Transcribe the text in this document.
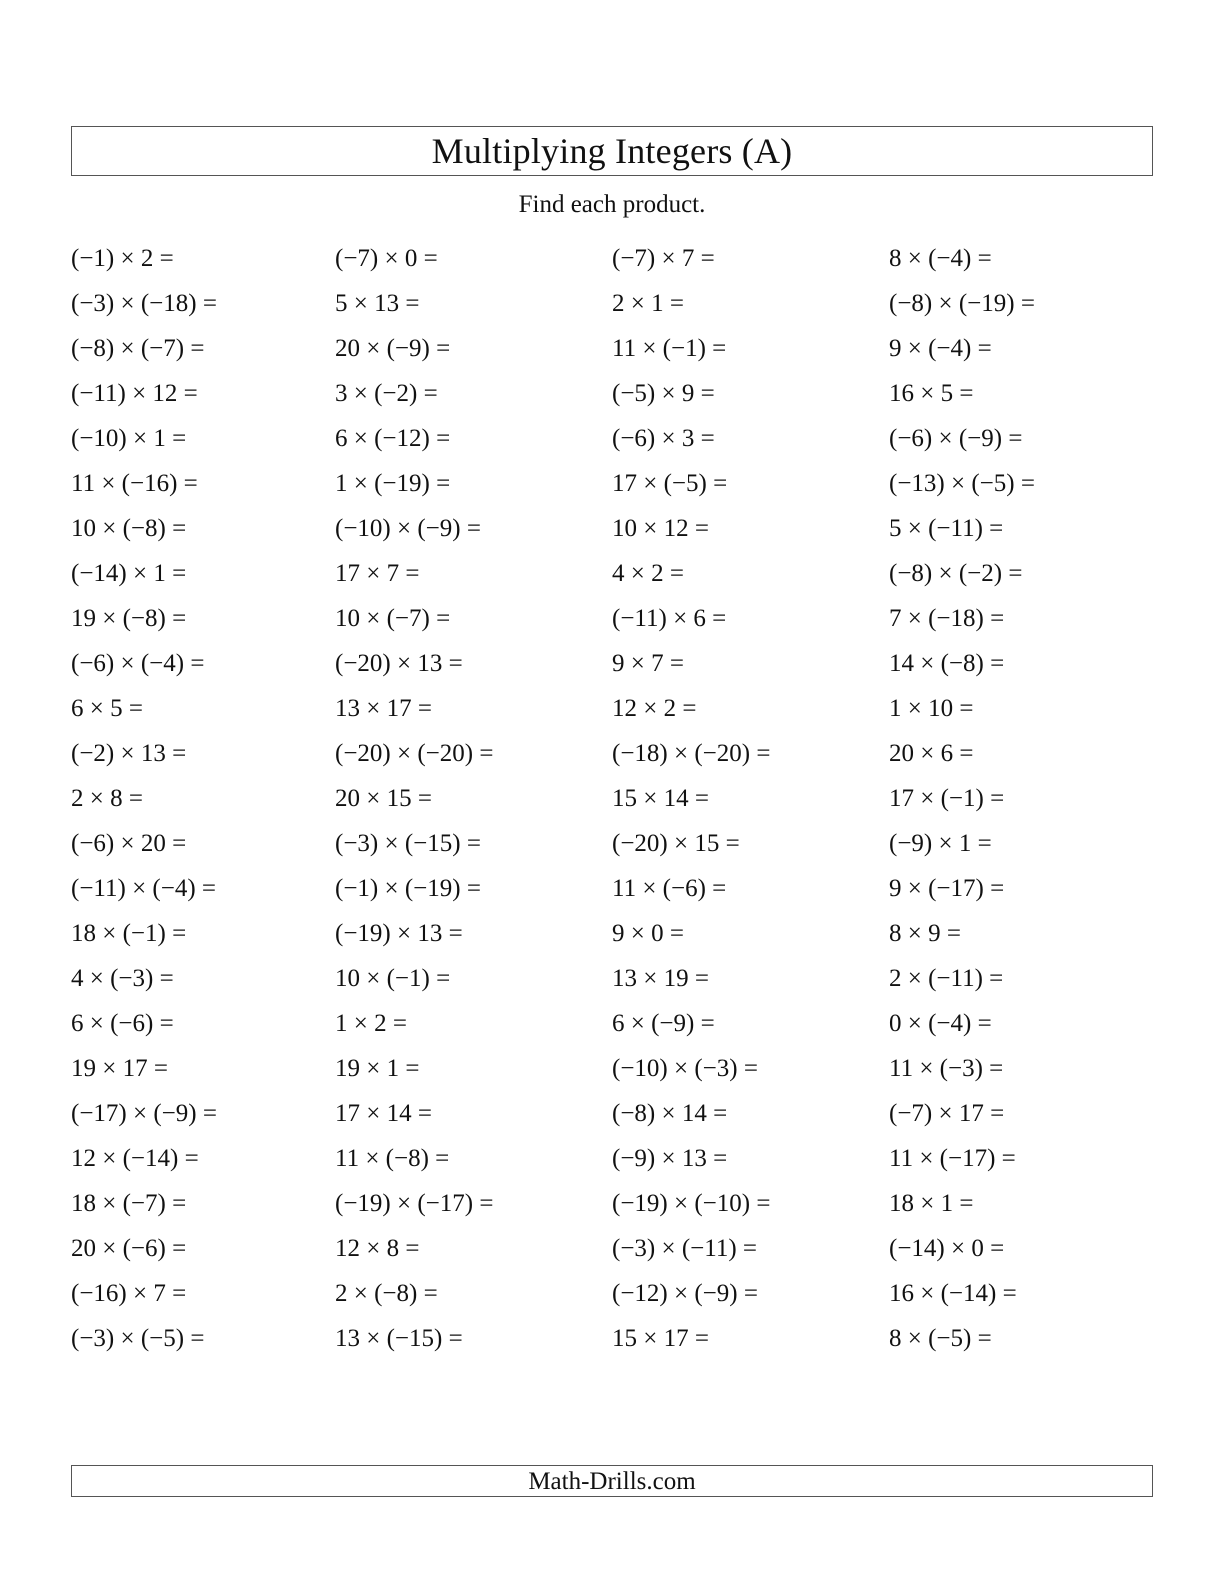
Multiplying Integers (A)
Find each product.
(−1) × 2 =
(−3) × (−18) =
(−8) × (−7) =
(−11) × 12 =
(−10) × 1 =
11 × (−16) =
10 × (−8) =
(−14) × 1 =
19 × (−8) =
(−6) × (−4) =
6 × 5 =
(−2) × 13 =
2 × 8 =
(−6) × 20 =
(−11) × (−4) =
18 × (−1) =
4 × (−3) =
6 × (−6) =
19 × 17 =
(−17) × (−9) =
12 × (−14) =
18 × (−7) =
20 × (−6) =
(−16) × 7 =
(−3) × (−5) =
(−7) × 0 =
5 × 13 =
20 × (−9) =
3 × (−2) =
6 × (−12) =
1 × (−19) =
(−10) × (−9) =
17 × 7 =
10 × (−7) =
(−20) × 13 =
13 × 17 =
(−20) × (−20) =
20 × 15 =
(−3) × (−15) =
(−1) × (−19) =
(−19) × 13 =
10 × (−1) =
1 × 2 =
19 × 1 =
17 × 14 =
11 × (−8) =
(−19) × (−17) =
12 × 8 =
2 × (−8) =
13 × (−15) =
(−7) × 7 =
2 × 1 =
11 × (−1) =
(−5) × 9 =
(−6) × 3 =
17 × (−5) =
10 × 12 =
4 × 2 =
(−11) × 6 =
9 × 7 =
12 × 2 =
(−18) × (−20) =
15 × 14 =
(−20) × 15 =
11 × (−6) =
9 × 0 =
13 × 19 =
6 × (−9) =
(−10) × (−3) =
(−8) × 14 =
(−9) × 13 =
(−19) × (−10) =
(−3) × (−11) =
(−12) × (−9) =
15 × 17 =
8 × (−4) =
(−8) × (−19) =
9 × (−4) =
16 × 5 =
(−6) × (−9) =
(−13) × (−5) =
5 × (−11) =
(−8) × (−2) =
7 × (−18) =
14 × (−8) =
1 × 10 =
20 × 6 =
17 × (−1) =
(−9) × 1 =
9 × (−17) =
8 × 9 =
2 × (−11) =
0 × (−4) =
11 × (−3) =
(−7) × 17 =
11 × (−17) =
18 × 1 =
(−14) × 0 =
16 × (−14) =
8 × (−5) =
Math-Drills.com
